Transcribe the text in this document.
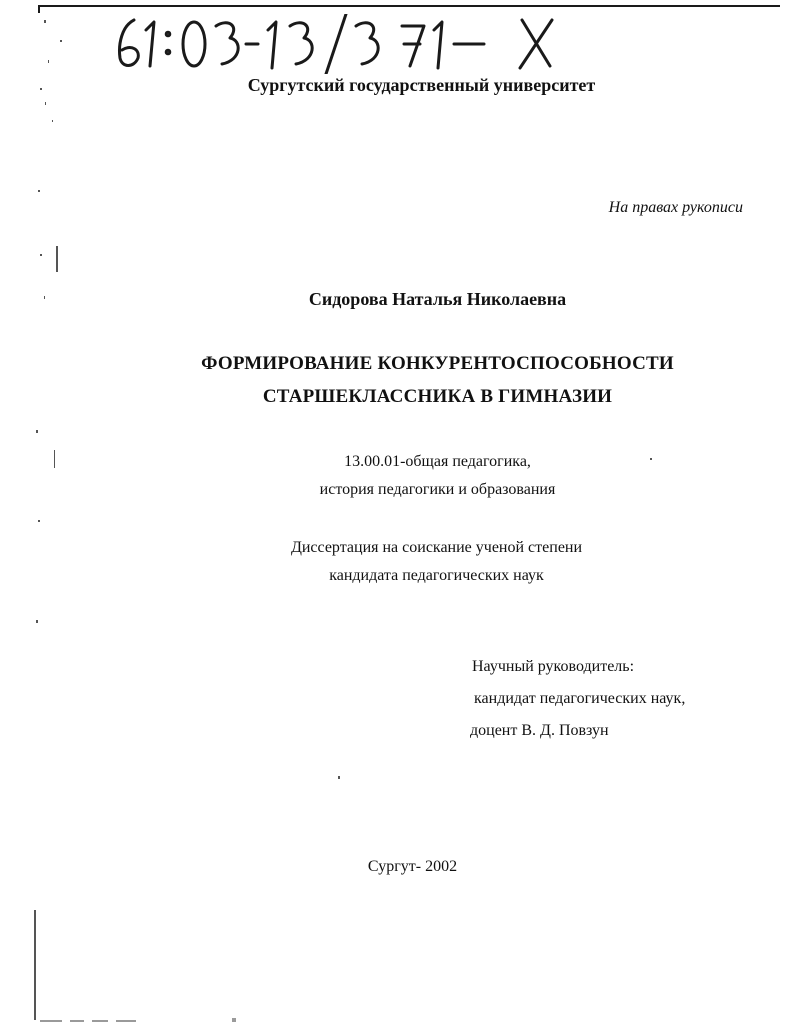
Сургутский государственный университет
На правах рукописи
Сидорова Наталья Николаевна
ФОРМИРОВАНИЕ КОНКУРЕНТОСПОСОБНОСТИ
СТАРШЕКЛАССНИКА В ГИМНАЗИИ
13.00.01-общая педагогика,
история педагогики и образования
Диссертация на соискание ученой степени
кандидата педагогических наук
Научный руководитель:
кандидат педагогических наук,
доцент В. Д. Повзун
Сургут- 2002
